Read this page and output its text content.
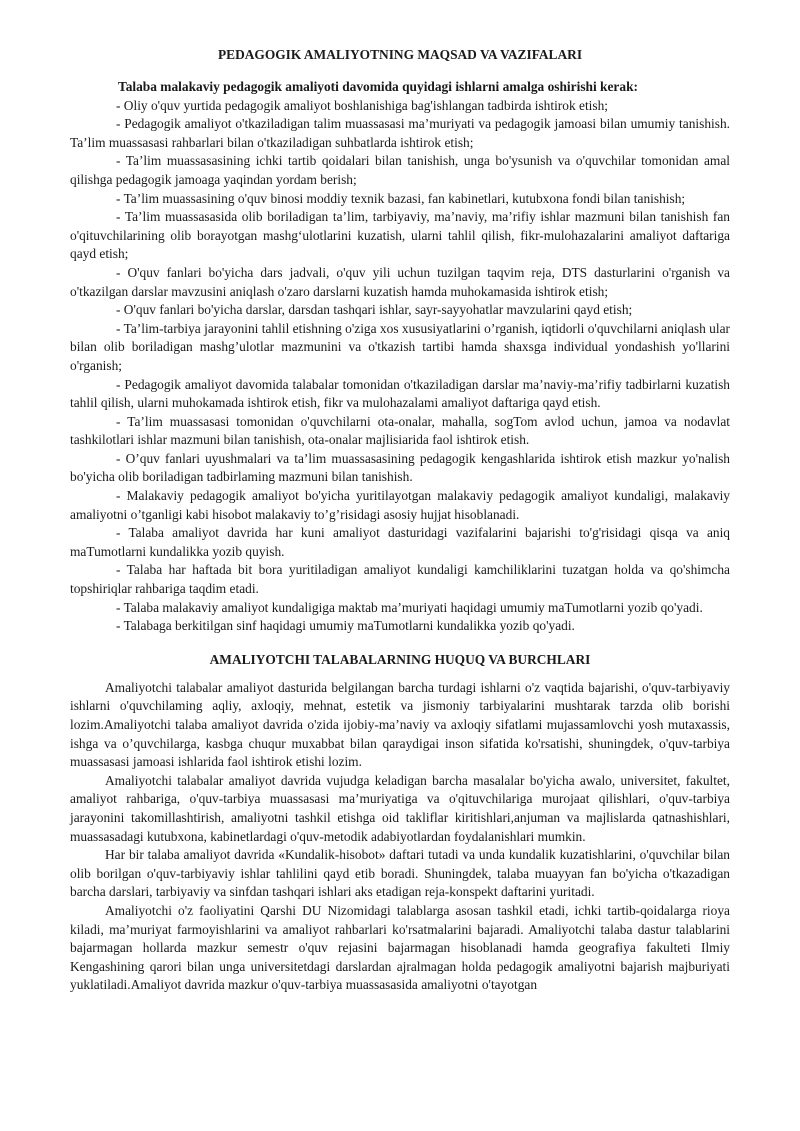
PEDAGOGIK AMALIYOTNING MAQSAD VA VAZIFALARI

Talaba malakaviy pedagogik amaliyoti davomida quyidagi ishlarni amalga oshirishi kerak:

- Oliy o'quv yurtida pedagogik amaliyot boshlanishiga bag'ishlangan tadbirda ishtirok etish;

- Pedagogik amaliyot o'tkaziladigan talim muassasasi ma’muriyati va pedagogik jamoasi bilan umumiy tanishish. Ta’lim muassasasi rahbarlari bilan o'tkaziladigan suhbatlarda ishtirok etish;

- Ta’lim muassasasining ichki tartib qoidalari bilan tanishish, unga bo'ysunish va o'quvchilar tomonidan amal qilishga pedagogik jamoaga yaqindan yordam berish;

- Ta’lim muassasining o'quv binosi moddiy texnik bazasi, fan kabinetlari, kutubxona fondi bilan tanishish;

- Ta’lim muassasasida olib boriladigan ta’lim, tarbiyaviy, ma’naviy, ma’rifiy ishlar mazmuni bilan tanishish fan o'qituvchilarining olib borayotgan mashg‘ulotlarini kuzatish, ularni tahlil qilish, fikr-mulohazalarini amaliyot daftariga qayd etish;

- O'quv fanlari bo'yicha dars jadvali, o'quv yili uchun tuzilgan taqvim reja, DTS dasturlarini o'rganish va o'tkazilgan darslar mavzusini aniqlash o'zaro darslarni kuzatish hamda muhokamasida ishtirok etish;

- O'quv fanlari bo'yicha darslar, darsdan tashqari ishlar, sayr-sayyohatlar mavzularini qayd etish;

- Ta’lim-tarbiya jarayonini tahlil etishning o'ziga xos xususiyatlarini o’rganish, iqtidorli o'quvchilarni aniqlash ular bilan olib boriladigan mashg’ulotlar mazmunini va o'tkazish tartibi hamda shaxsga individual yondashish yo'llarini o'rganish;

- Pedagogik amaliyot davomida talabalar tomonidan o'tkaziladigan darslar ma’naviy-ma’rifiy tadbirlarni kuzatish tahlil qilish, ularni muhokamada ishtirok etish, fikr va mulohazalami amaliyot daftariga qayd etish.

- Ta’lim muassasasi tomonidan o'quvchilarni ota-onalar, mahalla, sogTom avlod uchun, jamoa va nodavlat tashkilotlari ishlar mazmuni bilan tanishish, ota-onalar majlisiarida faol ishtirok etish.

- O’quv fanlari uyushmalari va ta’lim muassasasining pedagogik kengashlarida ishtirok etish mazkur yo'nalish bo'yicha olib boriladigan tadbirlaming mazmuni bilan tanishish.

- Malakaviy pedagogik amaliyot bo'yicha yuritilayotgan malakaviy pedagogik amaliyot kundaligi, malakaviy amaliyotni o’tganligi kabi hisobot malakaviy to’g’risidagi asosiy hujjat hisoblanadi.

- Talaba amaliyot davrida har kuni amaliyot dasturidagi vazifalarini bajarishi to'g'risidagi qisqa va aniq maTumotlarni kundalikka yozib quyish.

- Talaba har haftada bit bora yuritiladigan amaliyot kundaligi kamchiliklarini tuzatgan holda va qo'shimcha topshiriqlar rahbariga taqdim etadi.

- Talaba malakaviy amaliyot kundaligiga maktab ma’muriyati haqidagi umumiy maTumotlarni yozib qo'yadi.

- Talabaga berkitilgan sinf haqidagi umumiy maTumotlarni kundalikka yozib qo'yadi.

AMALIYOTCHI TALABALARNING HUQUQ VA BURCHLARI

Amaliyotchi talabalar amaliyot dasturida belgilangan barcha turdagi ishlarni o'z vaqtida bajarishi, o'quv-tarbiyaviy ishlarni o'quvchilaming aqliy, axloqiy, mehnat, estetik va jismoniy tarbiyalarini mushtarak tarzda olib borishi lozim.Amaliyotchi talaba amaliyot davrida o'zida ijobiy-ma’naviy va axloqiy sifatlami mujassamlovchi yosh mutaxassis, ishga va o’quvchilarga, kasbga chuqur muxabbat bilan qaraydigai inson sifatida ko'rsatishi, shuningdek, o'quv-tarbiya muassasasi jamoasi ishlarida faol ishtirok etishi lozim.

Amaliyotchi talabalar amaliyot davrida vujudga keladigan barcha masalalar bo'yicha awalo, universitet, fakultet, amaliyot rahbariga, o'quv-tarbiya muassasasi ma’muriyatiga va o'qituvchilariga murojaat qilishlari, o'quv-tarbiya jarayonini takomillashtirish, amaliyotni tashkil etishga oid takliflar kiritishlari,anjuman va majlislarda qatnashishlari, muassasadagi kutubxona, kabinetlardagi o'quv-metodik adabiyotlardan foydalanishlari mumkin.

Har bir talaba amaliyot davrida «Kundalik-hisobot» daftari tutadi va unda kundalik kuzatishlarini, o'quvchilar bilan olib borilgan o'quv-tarbiyaviy ishlar tahlilini qayd etib boradi. Shuningdek, talaba muayyan fan bo'yicha o'tkazadigan barcha darslari, tarbiyaviy va sinfdan tashqari ishlari aks etadigan reja-konspekt daftarini yuritadi.

Amaliyotchi o'z faoliyatini Qarshi DU Nizomidagi talablarga asosan tashkil etadi, ichki tartib-qoidalarga rioya kiladi, ma’muriyat farmoyishlarini va amaliyot rahbarlari ko'rsatmalarini bajaradi. Amaliyotchi talaba dastur talablarini bajarmagan hollarda mazkur semestr o'quv rejasini bajarmagan hisoblanadi hamda geografiya fakulteti Ilmiy Kengashining qarori bilan unga universitetdagi darslardan ajralmagan holda pedagogik amaliyotni bajarish majburiyati yuklatiladi.Amaliyot davrida mazkur o'quv-tarbiya muassasasida amaliyotni o'tayotgan
